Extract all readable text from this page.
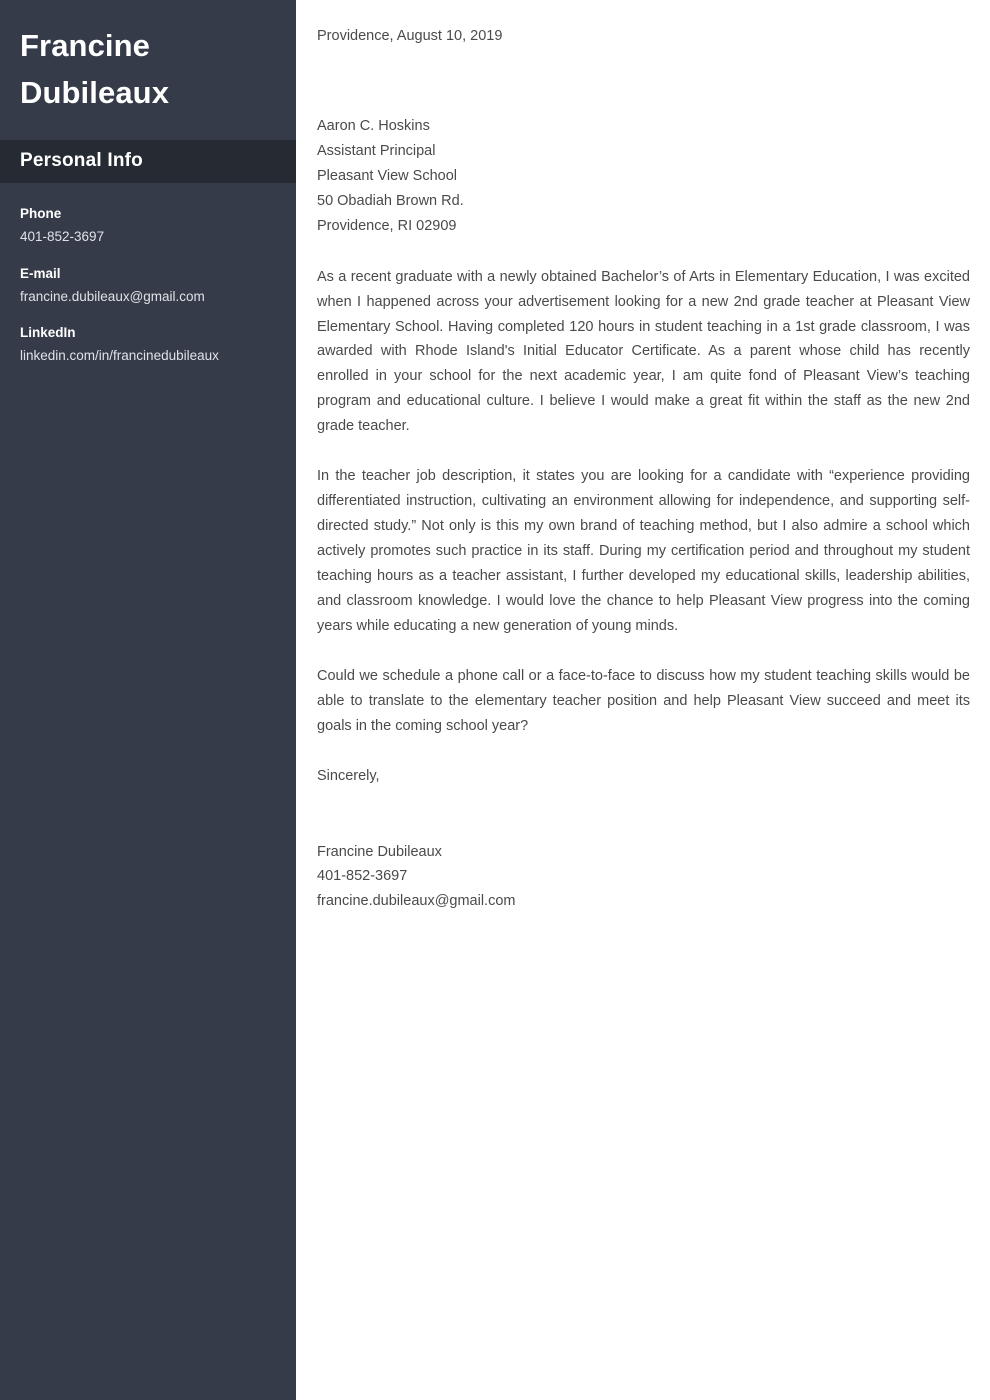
Francine Dubileaux
Personal Info
Phone
401-852-3697
E-mail
francine.dubileaux@gmail.com
LinkedIn
linkedin.com/in/francinedubileaux
Providence, August 10, 2019
Aaron C. Hoskins
Assistant Principal
Pleasant View School
50 Obadiah Brown Rd.
Providence, RI 02909

As a recent graduate with a newly obtained Bachelor’s of Arts in Elementary Education, I was excited when I happened across your advertisement looking for a new 2nd grade teacher at Pleasant View Elementary School. Having completed 120 hours in student teaching in a 1st grade classroom, I was awarded with Rhode Island's Initial Educator Certificate. As a parent whose child has recently enrolled in your school for the next academic year, I am quite fond of Pleasant View’s teaching program and educational culture. I believe I would make a great fit within the staff as the new 2nd grade teacher.

In the teacher job description, it states you are looking for a candidate with “experience providing differentiated instruction, cultivating an environment allowing for independence, and supporting self-directed study.” Not only is this my own brand of teaching method, but I also admire a school which actively promotes such practice in its staff. During my certification period and throughout my student teaching hours as a teacher assistant, I further developed my educational skills, leadership abilities, and classroom knowledge. I would love the chance to help Pleasant View progress into the coming years while educating a new generation of young minds.

Could we schedule a phone call or a face-to-face to discuss how my student teaching skills would be able to translate to the elementary teacher position and help Pleasant View succeed and meet its goals in the coming school year?

Sincerely,
Francine Dubileaux
401-852-3697
francine.dubileaux@gmail.com
